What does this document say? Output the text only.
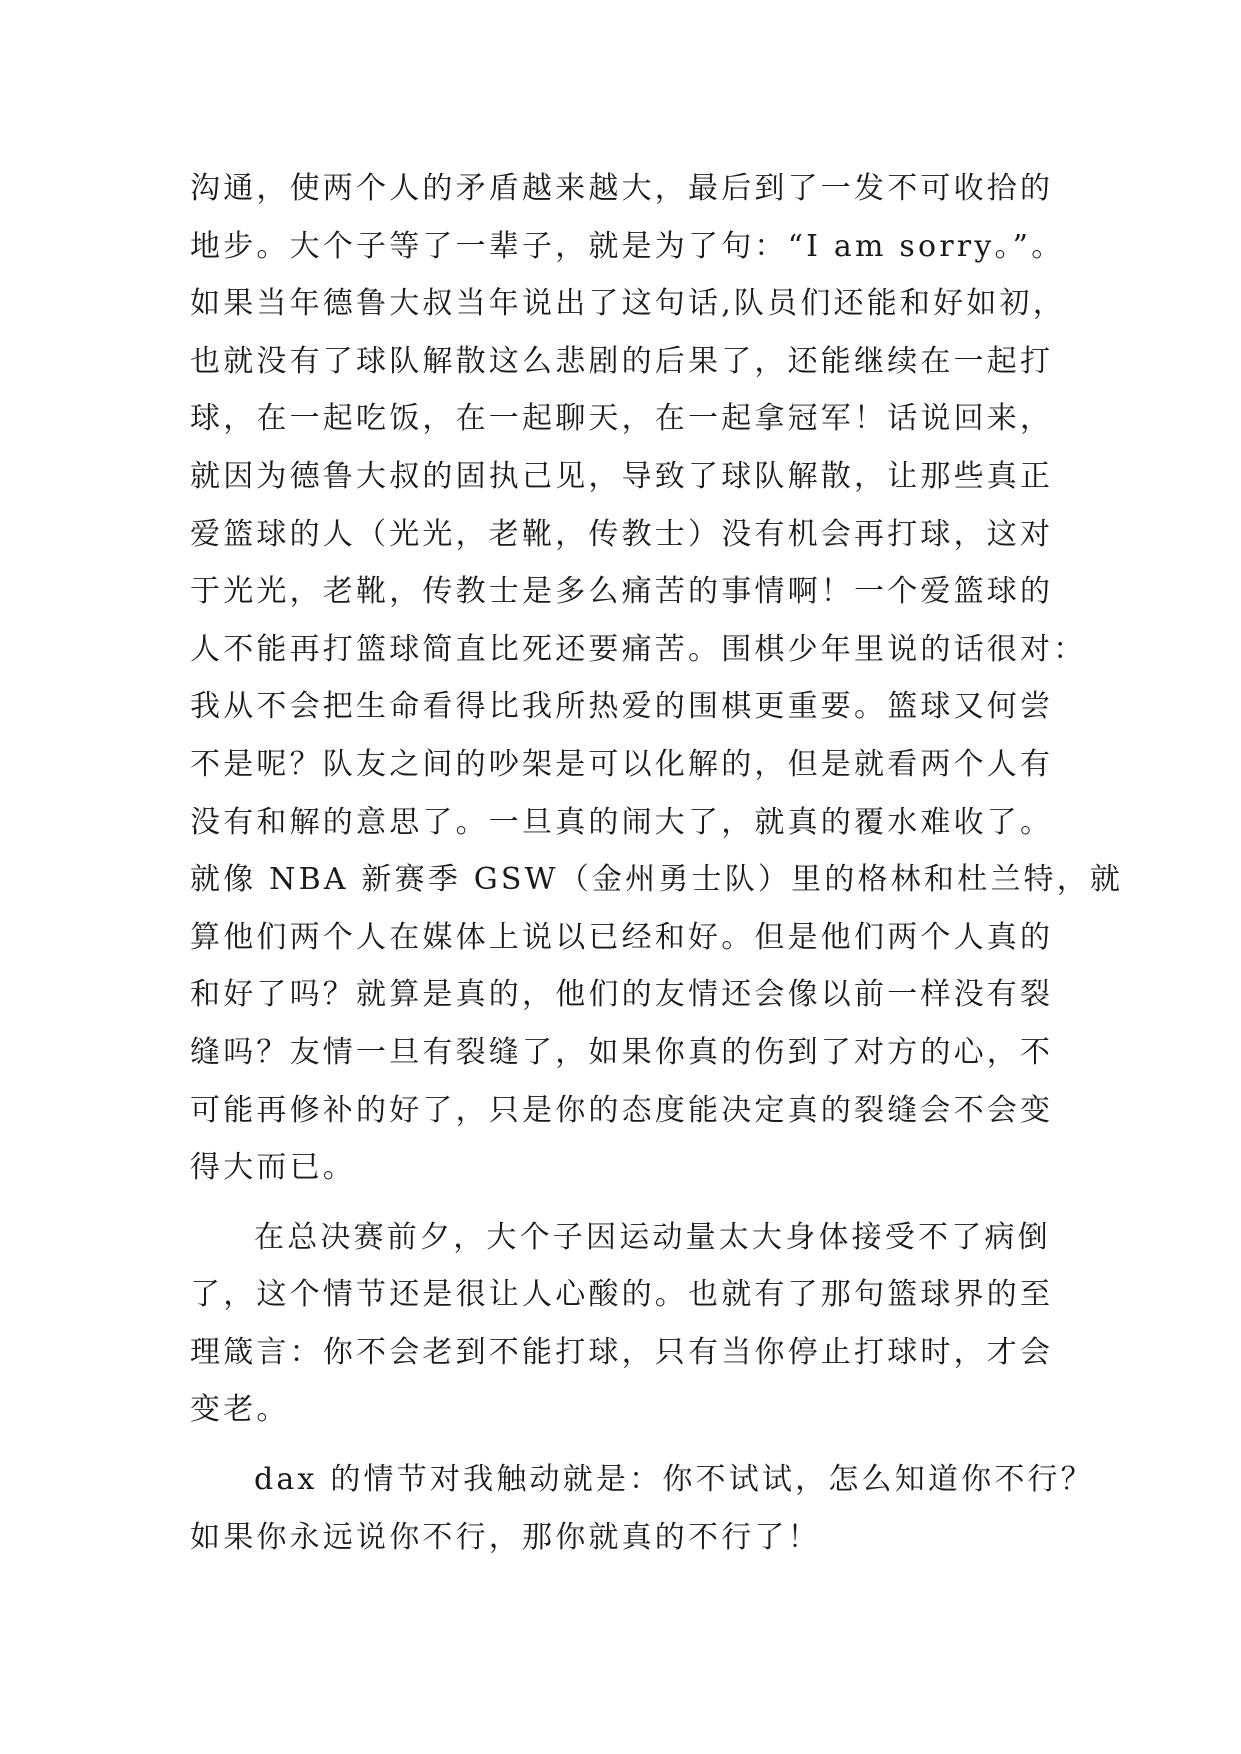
沟通，使两个人的矛盾越来越大，最后到了一发不可收拾的
地步。大个子等了一辈子，就是为了句：“I am sorry。”。
如果当年德鲁大叔当年说出了这句话,队员们还能和好如初，
也就没有了球队解散这么悲剧的后果了，还能继续在一起打
球，在一起吃饭，在一起聊天，在一起拿冠军！话说回来，
就因为德鲁大叔的固执己见，导致了球队解散，让那些真正
爱篮球的人（光光，老靴，传教士）没有机会再打球，这对
于光光，老靴，传教士是多么痛苦的事情啊！一个爱篮球的
人不能再打篮球简直比死还要痛苦。围棋少年里说的话很对：
我从不会把生命看得比我所热爱的围棋更重要。篮球又何尝
不是呢？队友之间的吵架是可以化解的，但是就看两个人有
没有和解的意思了。一旦真的闹大了，就真的覆水难收了。
就像 NBA 新赛季 GSW（金州勇士队）里的格林和杜兰特，就
算他们两个人在媒体上说以已经和好。但是他们两个人真的
和好了吗？就算是真的，他们的友情还会像以前一样没有裂
缝吗？友情一旦有裂缝了，如果你真的伤到了对方的心，不
可能再修补的好了，只是你的态度能决定真的裂缝会不会变
得大而已。
在总决赛前夕，大个子因运动量太大身体接受不了病倒
了，这个情节还是很让人心酸的。也就有了那句篮球界的至
理箴言：你不会老到不能打球，只有当你停止打球时，才会
变老。
dax 的情节对我触动就是：你不试试，怎么知道你不行？
如果你永远说你不行，那你就真的不行了！
